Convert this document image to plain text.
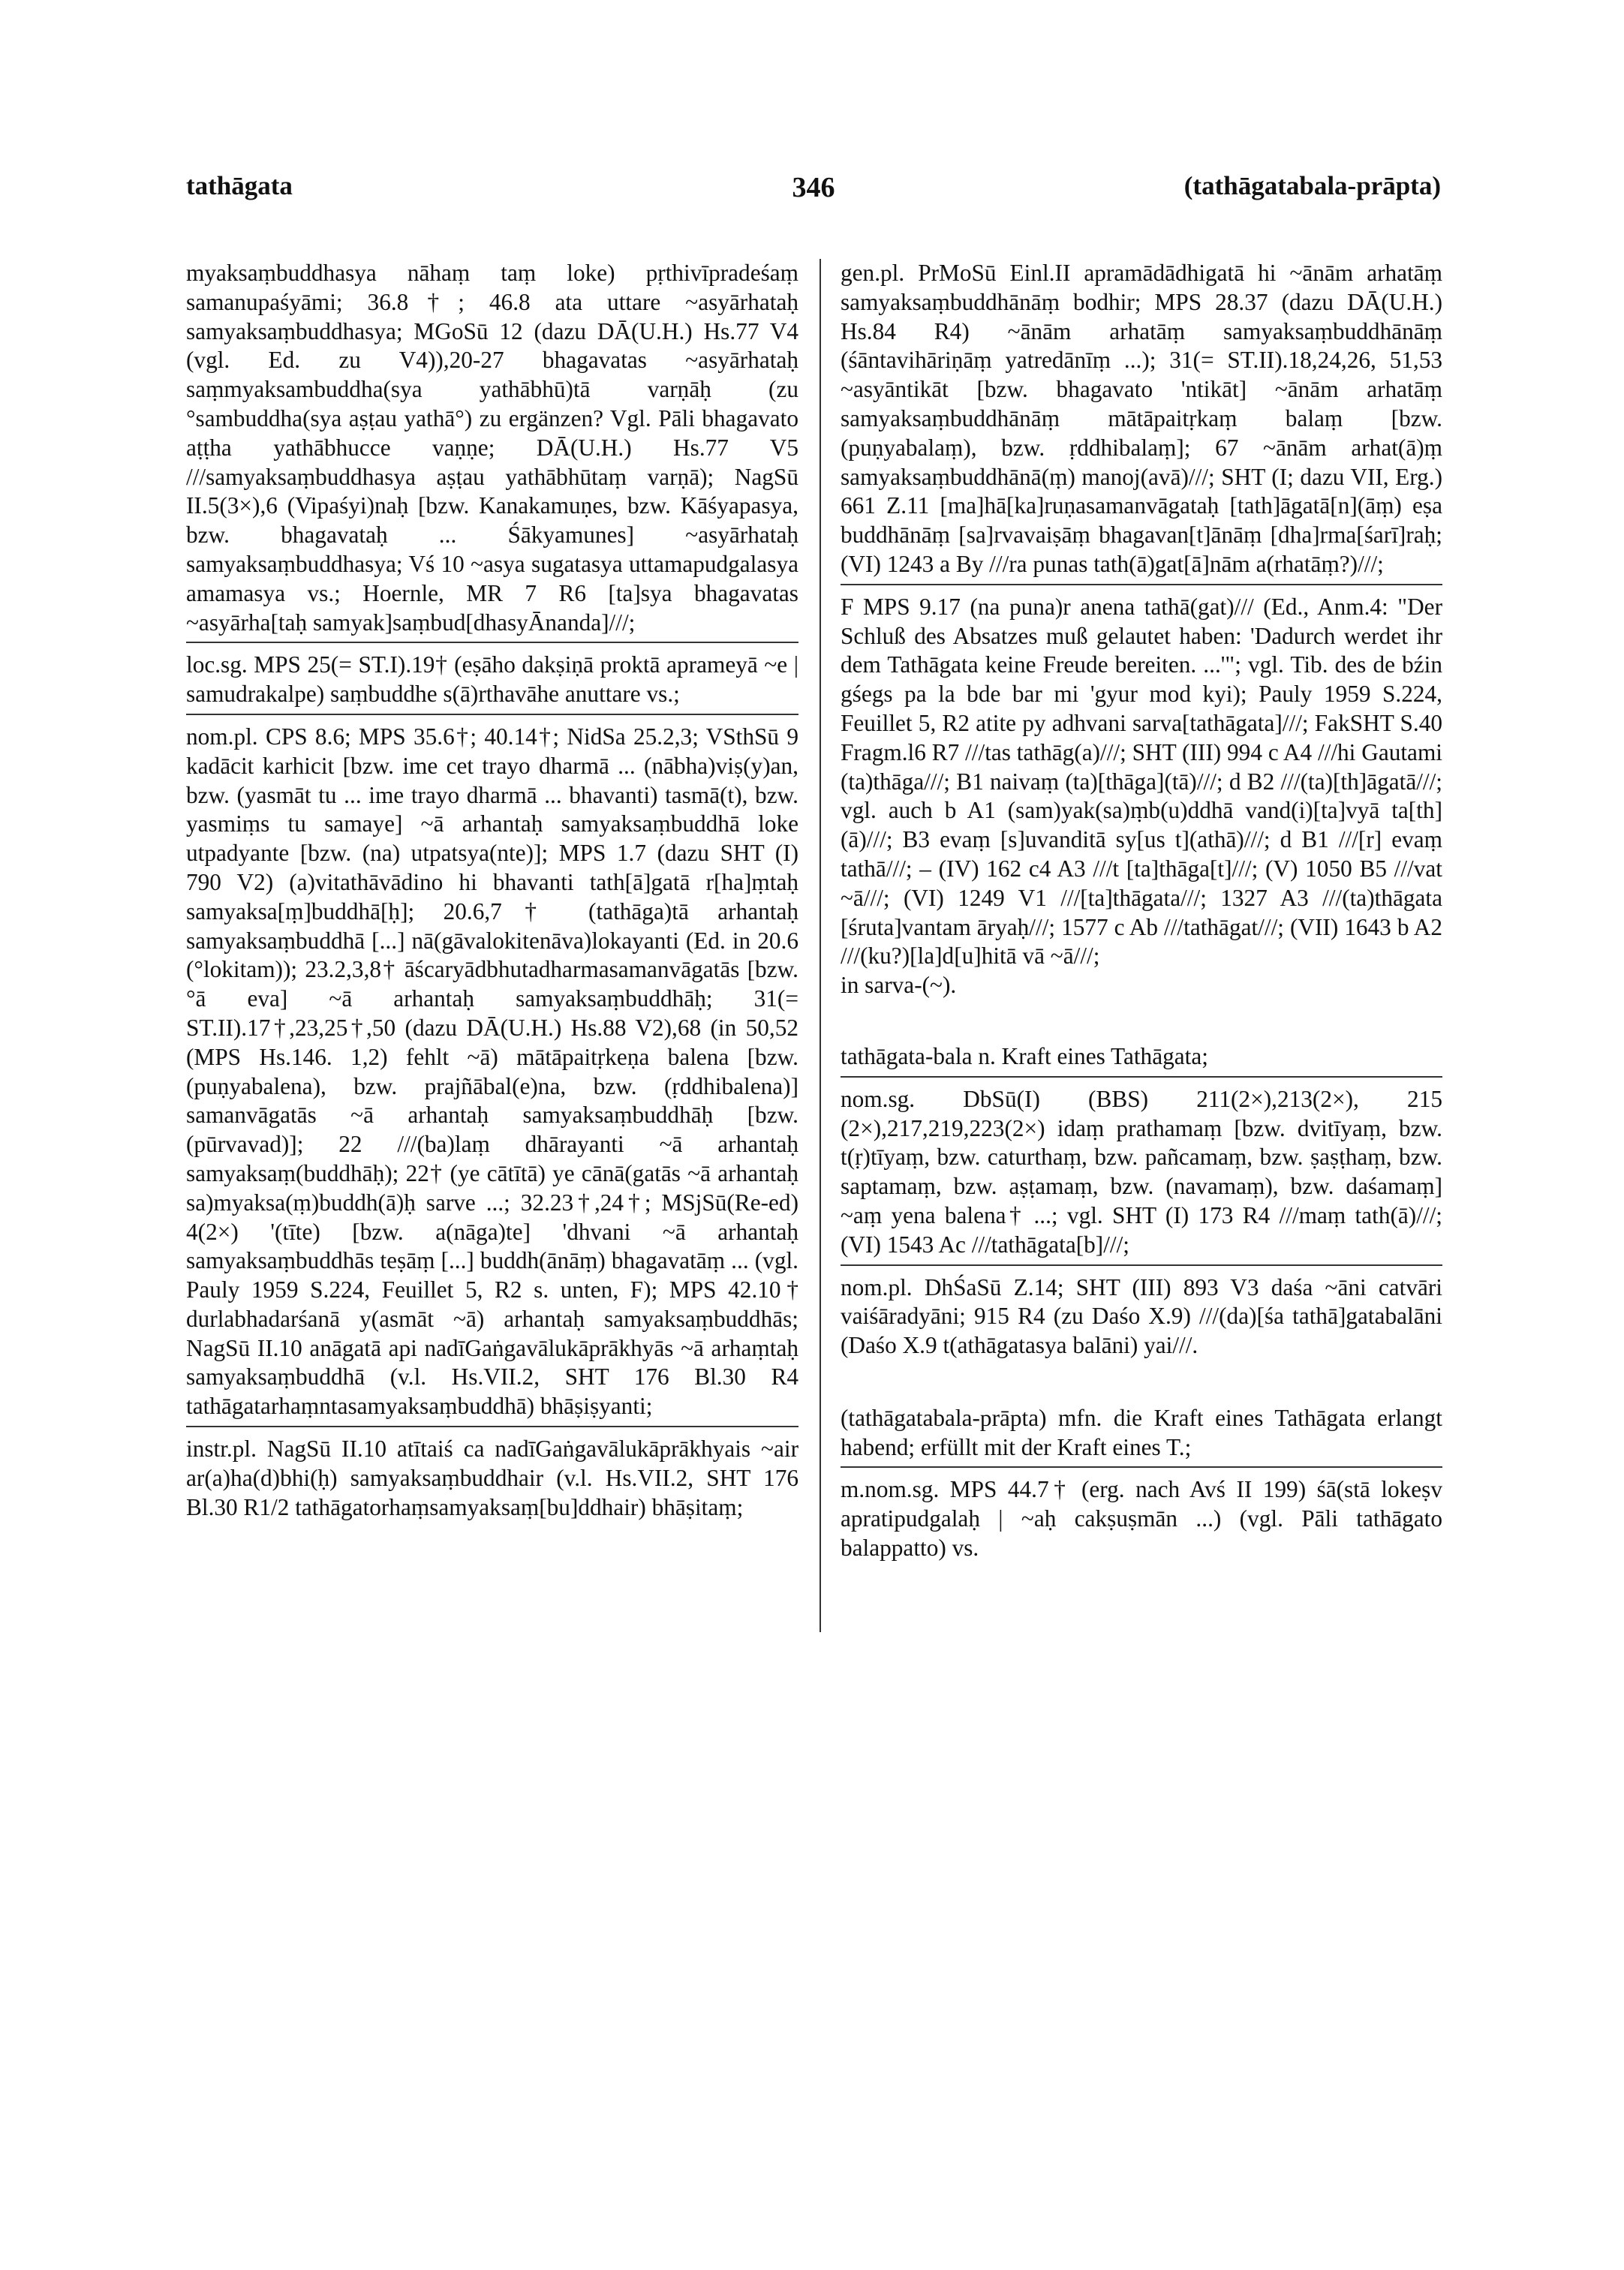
tathāgata	346	(tathāgatabala-prāpta)

myaksaṃbuddhasya nāhaṃ taṃ loke) pṛthivīpradeśaṃ samanupaśyāmi; 36.8†; 46.8 ata uttare ~asyārhataḥ samyaksaṃbuddhasya; MGoSū 12 (dazu DĀ(U.H.) Hs.77 V4 (vgl. Ed. zu V4)),20-27 bhagavatas ~asyārhataḥ saṃmyaksambuddha(sya yathābhū)tā varṇāḥ (zu °sambuddha(sya aṣṭau yathā°) zu ergänzen? Vgl. Pāli bhagavato aṭṭha yathābhucce vaṇṇe; DĀ(U.H.) Hs.77 V5 ///samyaksaṃbuddhasya aṣṭau yathābhūtaṃ varṇā); NagSū II.5(3×),6 (Vipaśyi)naḥ [bzw. Kanakamuṇes, bzw. Kāśyapasya, bzw. bhagavataḥ ... Śākyamunes] ~asyārhataḥ samyaksaṃbuddhasya; Vś 10 ~asya sugatasya uttamapudgalasya amamasya vs.; Hoernle, MR 7 R6 [ta]sya bhagavatas ~asyārha[taḥ samyak]saṃbud[dhasyĀnanda]///;

loc.sg. MPS 25(= ST.I).19† (eṣāho dakṣiṇā proktā aprameyā ~e | samudrakalpe) saṃbuddhe s(ā)rthavāhe anuttare vs.;

nom.pl. CPS 8.6; MPS 35.6†; 40.14†; NidSa 25.2,3; VSthSū 9 kadācit karhicit [bzw. ime cet trayo dharmā ... (nābha)viṣ(y)an, bzw. (yasmāt tu ... ime trayo dharmā ... bhavanti) tasmā(t), bzw. yasmiṃs tu samaye] ~ā arhantaḥ samyaksaṃbuddhā loke utpadyante [bzw. (na) utpatsya(nte)]; MPS 1.7 (dazu SHT (I) 790 V2) (a)vitathāvādino hi bhavanti tath[ā]gatā r[ha]ṃtaḥ samyaksa[ṃ]buddhā[ḥ]; 20.6,7† (tathāga)tā arhantaḥ samyaksaṃbuddhā [...] nā(gāvalokitenāva)lokayanti (Ed. in 20.6 (°lokitam)); 23.2,3,8† āścaryādbhutadharmasamanvāgatās [bzw. °ā eva] ~ā arhantaḥ samyaksaṃbuddhāḥ; 31(= ST.II).17†,23,25†,50 (dazu DĀ(U.H.) Hs.88 V2),68 (in 50,52 (MPS Hs.146. 1,2) fehlt ~ā) mātāpaitṛkeṇa balena [bzw. (puṇyabalena), bzw. prajñābal(e)na, bzw. (ṛddhibalena)] samanvāgatās ~ā arhantaḥ samyaksaṃbuddhāḥ [bzw. (pūrvavad)]; 22 ///(ba)laṃ dhārayanti ~ā arhantaḥ samyaksaṃ(buddhāḥ); 22† (ye cātītā) ye cānā(gatās ~ā arhantaḥ sa)myaksa(ṃ)buddh(ā)ḥ sarve ...; 32.23†,24†; MSjSū(Re-ed) 4(2×) '(tīte) [bzw. a(nāga)te] 'dhvani ~ā arhantaḥ samyaksaṃbuddhās teṣāṃ [...] buddh(ānāṃ) bhagavatāṃ ... (vgl. Pauly 1959 S.224, Feuillet 5, R2 s. unten, F); MPS 42.10† durlabhadarśanā y(asmāt ~ā) arhantaḥ samyaksaṃbuddhās; NagSū II.10 anāgatā api nadīGaṅgavālukāprākhyās ~ā arhaṃtaḥ samyaksaṃbuddhā (v.l. Hs.VII.2, SHT 176 Bl.30 R4 tathāgatarhaṃntasamyaksaṃbuddhā) bhāṣiṣyanti;

instr.pl. NagSū II.10 atītaiś ca nadīGaṅgavālukāprākhyais ~air ar(a)ha(d)bhi(ḥ) samyaksaṃbuddhair (v.l. Hs.VII.2, SHT 176 Bl.30 R1/2 tathāgatorhaṃsamyaksaṃ[bu]ddhair) bhāṣitaṃ;

gen.pl. PrMoSū Einl.II apramādādhigatā hi ~ānām arhatāṃ samyaksaṃbuddhānāṃ bodhir; MPS 28.37 (dazu DĀ(U.H.) Hs.84 R4) ~ānām arhatāṃ samyaksaṃbuddhānāṃ (śāntavihāriṇāṃ yatredānīṃ ...); 31(= ST.II).18,24,26, 51,53 ~asyāntikāt [bzw. bhagavato 'ntikāt] ~ānām arhatāṃ samyaksaṃbuddhānāṃ mātāpaitṛkaṃ balaṃ [bzw. (puṇyabalaṃ), bzw. ṛddhibalaṃ]; 67 ~ānām arhat(ā)ṃ samyaksaṃbuddhānā(ṃ) manoj(avā)///; SHT (I; dazu VII, Erg.) 661 Z.11 [ma]hā[ka]ruṇasamanvāgataḥ [tath]āgatā[n](āṃ) eṣa buddhānāṃ [sa]rvavaiṣāṃ bhagavan[t]ānāṃ [dha]rma[śarī]raḥ; (VI) 1243 a By ///ra punas tath(ā)gat[ā]nām a(rhatāṃ?)///;

F MPS 9.17 (na puna)r anena tathā(gat)/// (Ed., Anm.4: "Der Schluß des Absatzes muß gelautet haben: 'Dadurch werdet ihr dem Tathāgata keine Freude bereiten. ...'"; vgl. Tib. des de bźin gśegs pa la bde bar mi 'gyur mod kyi); Pauly 1959 S.224, Feuillet 5, R2 atite py adhvani sarva[tathāgata]///; FakSHT S.40 Fragm.l6 R7 ///tas tathāg(a)///; SHT (III) 994 c A4 ///hi Gautami (ta)thāga///; B1 naivaṃ (ta)[thāga](tā)///; d B2 ///(ta)[th]āgatā///; vgl. auch b A1 (sam)yak(sa)ṃb(u)ddhā vand(i)[ta]vyā ta[th](ā)///; B3 evaṃ [s]uvanditā sy[us t](athā)///; d B1 ///[r] evaṃ tathā///; – (IV) 162 c4 A3 ///t [ta]thāga[t]///; (V) 1050 B5 ///vat ~ā///; (VI) 1249 V1 ///[ta]thāgata///; 1327 A3 ///(ta)thāgata [śruta]vantam āryaḥ///; 1577 c Ab ///tathāgat///; (VII) 1643 b A2 ///(ku?)[la]d[u]hitā vā ~ā///;

in sarva-(~).

tathāgata-bala n. Kraft eines Tathāgata;

nom.sg. DbSū(I) (BBS) 211(2×),213(2×), 215 (2×),217,219,223(2×) idaṃ prathamaṃ [bzw. dvitīyaṃ, bzw. t(ṛ)tīyaṃ, bzw. caturthaṃ, bzw. pañcamaṃ, bzw. ṣaṣṭhaṃ, bzw. saptamaṃ, bzw. aṣṭamaṃ, bzw. (navamaṃ), bzw. daśamaṃ] ~aṃ yena balena† ...; vgl. SHT (I) 173 R4 ///maṃ tath(ā)///; (VI) 1543 Ac ///tathāgata[b]///;

nom.pl. DhŚaSū Z.14; SHT (III) 893 V3 daśa ~āni catvāri vaiśāradyāni; 915 R4 (zu Daśo X.9) ///(da)[śa tathā]gatabalāni (Daśo X.9 t(athāgatasya balāni) yai///.

(tathāgatabala-prāpta) mfn. die Kraft eines Tathāgata erlangt habend; erfüllt mit der Kraft eines T.;

m.nom.sg. MPS 44.7† (erg. nach Avś II 199) śā(stā lokeṣv apratipudgalaḥ | ~aḥ cakṣuṣmān ...) (vgl. Pāli tathāgato balappatto) vs.
